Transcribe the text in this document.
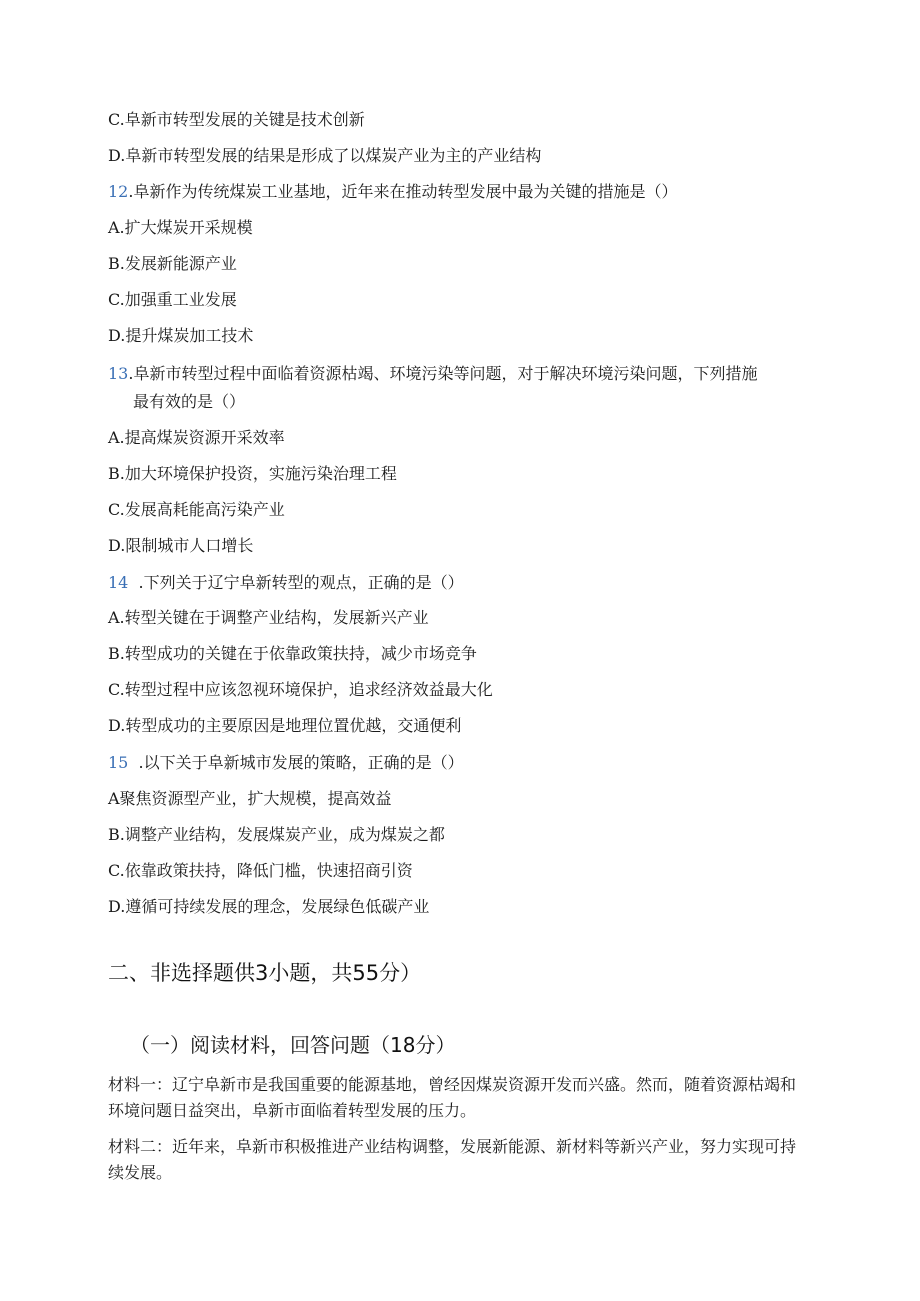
C.阜新市转型发展的关键是技术创新
D.阜新市转型发展的结果是形成了以煤炭产业为主的产业结构
12.阜新作为传统煤炭工业基地，近年来在推动转型发展中最为关键的措施是（）
A.扩大煤炭开采规模
B.发展新能源产业
C.加强重工业发展
D.提升煤炭加工技术
13.阜新市转型过程中面临着资源枯竭、环境污染等问题，对于解决环境污染问题，下列措施
最有效的是（）
A.提高煤炭资源开采效率
B.加大环境保护投资，实施污染治理工程
C.发展高耗能高污染产业
D.限制城市人口增长
14  .下列关于辽宁阜新转型的观点，正确的是（）
A.转型关键在于调整产业结构，发展新兴产业
B.转型成功的关键在于依靠政策扶持，减少市场竞争
C.转型过程中应该忽视环境保护，追求经济效益最大化
D.转型成功的主要原因是地理位置优越，交通便利
15  .以下关于阜新城市发展的策略，正确的是（）
A聚焦资源型产业，扩大规模，提高效益
B.调整产业结构，发展煤炭产业，成为煤炭之都
C.依靠政策扶持，降低门槛，快速招商引资
D.遵循可持续发展的理念，发展绿色低碳产业
二、非选择题供3小题，共55分）
（一）阅读材料，回答问题（18分）
材料一：辽宁阜新市是我国重要的能源基地，曾经因煤炭资源开发而兴盛。然而，随着资源枯竭和环境问题日益突出，阜新市面临着转型发展的压力。
材料二：近年来，阜新市积极推进产业结构调整，发展新能源、新材料等新兴产业，努力实现可持续发展。
